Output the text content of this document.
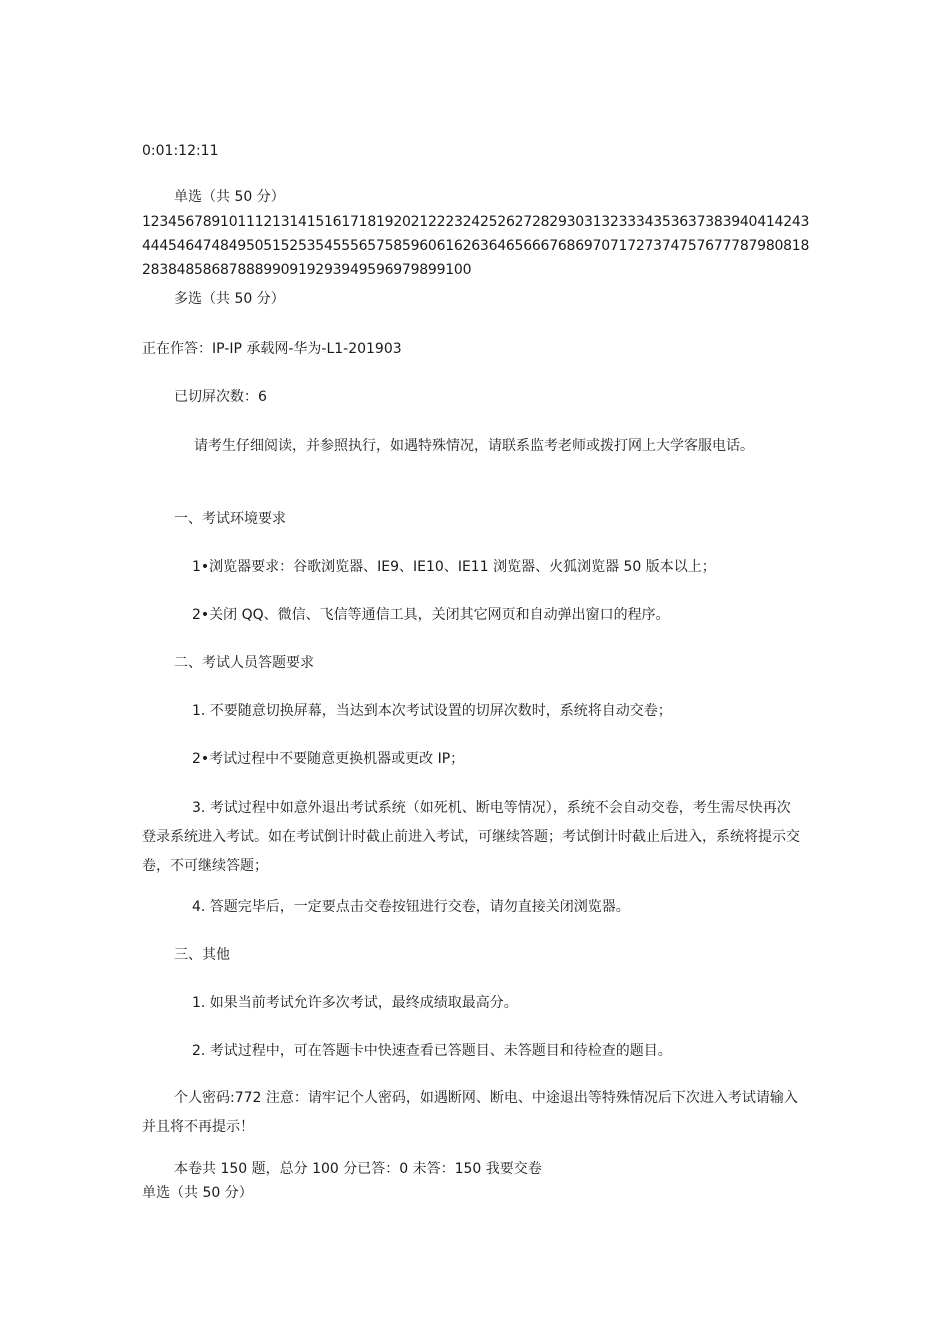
0:01:12:11
单选（共 50 分）
123456789101112131415161718192021222324252627282930313233343536373839404142434445464748495051525354555657585960616263646566676869707172737475767778798081828384858687888990919293949596979899100
多选（共 50 分）
正在作答：IP-IP 承载网-华为-L1-201903
已切屏次数：6
请考生仔细阅读，并参照执行，如遇特殊情况，请联系监考老师或拨打网上大学客服电话。
一、考试环境要求
1•浏览器要求：谷歌浏览器、IE9、IE10、IE11 浏览器、火狐浏览器 50 版本以上；
2•关闭 QQ、微信、飞信等通信工具，关闭其它网页和自动弹出窗口的程序。
二、考试人员答题要求
1. 不要随意切换屏幕，当达到本次考试设置的切屏次数时，系统将自动交卷；
2•考试过程中不要随意更换机器或更改 IP；
3. 考试过程中如意外退出考试系统（如死机、断电等情况），系统不会自动交卷，考生需尽快再次登录系统进入考试。如在考试倒计时截止前进入考试，可继续答题；考试倒计时截止后进入，系统将提示交卷，不可继续答题；
4. 答题完毕后，一定要点击交卷按钮进行交卷，请勿直接关闭浏览器。
三、其他
1. 如果当前考试允许多次考试，最终成绩取最高分。
2. 考试过程中，可在答题卡中快速查看已答题目、未答题目和待检查的题目。
个人密码:772 注意：请牢记个人密码，如遇断网、断电、中途退出等特殊情况后下次进入考试请输入并且将不再提示！
本卷共 150 题，总分 100 分已答：0 未答：150 我要交卷
单选（共 50 分）
